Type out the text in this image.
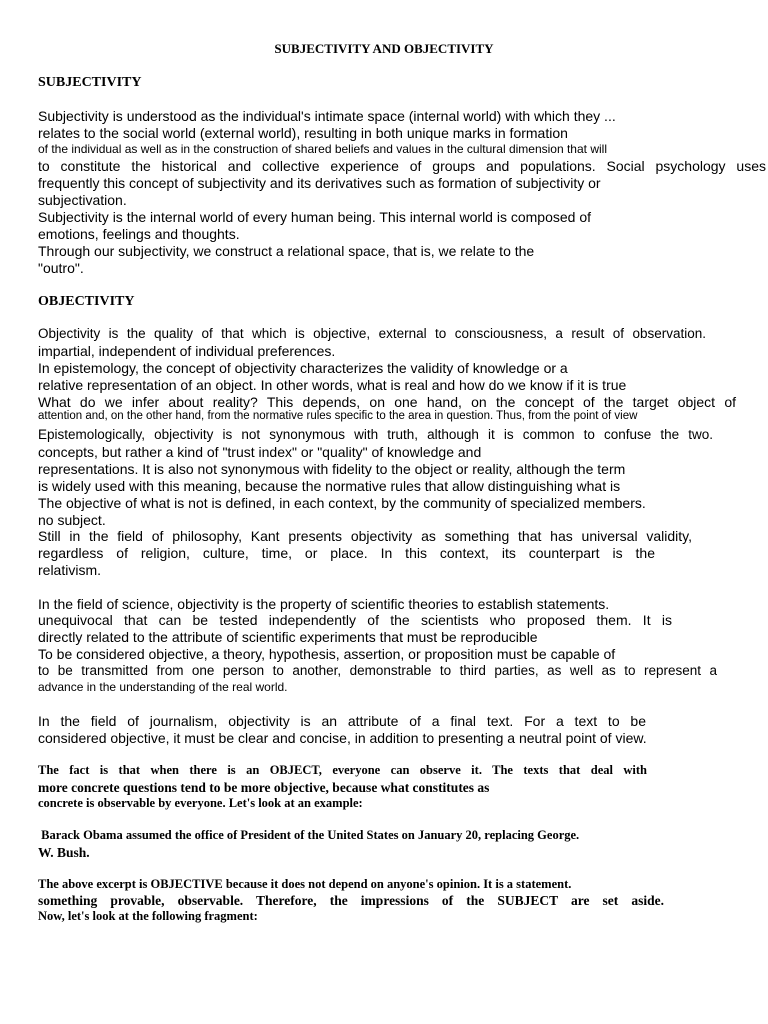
SUBJECTIVITY AND OBJECTIVITY
SUBJECTIVITY
Subjectivity is understood as the individual's intimate space (internal world) with which they ...
relates to the social world (external world), resulting in both unique marks in formation
of the individual as well as in the construction of shared beliefs and values in the cultural dimension that will
to constitute the historical and collective experience of groups and populations. Social psychology uses
frequently this concept of subjectivity and its derivatives such as formation of subjectivity or
subjectivation.
Subjectivity is the internal world of every human being. This internal world is composed of
emotions, feelings and thoughts.
Through our subjectivity, we construct a relational space, that is, we relate to the
"outro".
OBJECTIVITY
Objectivity is the quality of that which is objective, external to consciousness, a result of observation.
impartial, independent of individual preferences.
In epistemology, the concept of objectivity characterizes the validity of knowledge or a
relative representation of an object. In other words, what is real and how do we know if it is true
What do we infer about reality? This depends, on one hand, on the concept of the target object of
attention and, on the other hand, from the normative rules specific to the area in question. Thus, from the point of view
Epistemologically, objectivity is not synonymous with truth, although it is common to confuse the two.
concepts, but rather a kind of "trust index" or "quality" of knowledge and
representations. It is also not synonymous with fidelity to the object or reality, although the term
is widely used with this meaning, because the normative rules that allow distinguishing what is
The objective of what is not is defined, in each context, by the community of specialized members.
no subject.
Still in the field of philosophy, Kant presents objectivity as something that has universal validity,
regardless of religion, culture, time, or place. In this context, its counterpart is the
relativism.
In the field of science, objectivity is the property of scientific theories to establish statements.
unequivocal that can be tested independently of the scientists who proposed them. It is
directly related to the attribute of scientific experiments that must be reproducible
To be considered objective, a theory, hypothesis, assertion, or proposition must be capable of
to be transmitted from one person to another, demonstrable to third parties, as well as to represent a
advance in the understanding of the real world.
In the field of journalism, objectivity is an attribute of a final text. For a text to be
considered objective, it must be clear and concise, in addition to presenting a neutral point of view.
The fact is that when there is an OBJECT, everyone can observe it. The texts that deal with
more concrete questions tend to be more objective, because what constitutes as
concrete is observable by everyone. Let's look at an example:
Barack Obama assumed the office of President of the United States on January 20, replacing George.
W. Bush.
The above excerpt is OBJECTIVE because it does not depend on anyone's opinion. It is a statement.
something provable, observable. Therefore, the impressions of the SUBJECT are set aside.
Now, let's look at the following fragment:
